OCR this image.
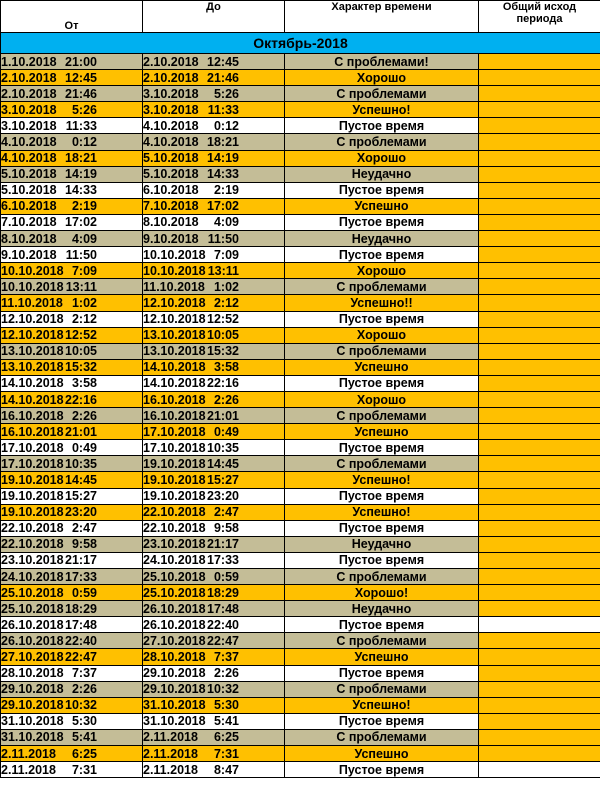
От	До	Характер времени	Общий исход периода
Октябрь-2018			
1.10.2018 21:00	2.10.2018 12:45	С проблемами!	
2.10.2018 12:45	2.10.2018 21:46	Хорошо	
2.10.2018 21:46	3.10.2018 5:26	С проблемами	
3.10.2018 5:26	3.10.2018 11:33	Успешно!	
3.10.2018 11:33	4.10.2018 0:12	Пустое время	
4.10.2018 0:12	4.10.2018 18:21	С проблемами	
4.10.2018 18:21	5.10.2018 14:19	Хорошо	
5.10.2018 14:19	5.10.2018 14:33	Неудачно	
5.10.2018 14:33	6.10.2018 2:19	Пустое время	
6.10.2018 2:19	7.10.2018 17:02	Успешно	
7.10.2018 17:02	8.10.2018 4:09	Пустое время	
8.10.2018 4:09	9.10.2018 11:50	Неудачно	
9.10.2018 11:50	10.10.2018 7:09	Пустое время	
10.10.2018 7:09	10.10.2018 13:11	Хорошо	
10.10.2018 13:11	11.10.2018 1:02	С проблемами	
11.10.2018 1:02	12.10.2018 2:12	Успешно!!	
12.10.2018 2:12	12.10.201812:52	Пустое время	
12.10.201812:52	13.10.201810:05	Хорошо	
13.10.201810:05	13.10.201815:32	С проблемами	
13.10.201815:32	14.10.2018 3:58	Успешно	
14.10.2018 3:58	14.10.201822:16	Пустое время	
14.10.201822:16	16.10.2018 2:26	Хорошо	
16.10.2018 2:26	16.10.201821:01	С проблемами	
16.10.201821:01	17.10.2018 0:49	Успешно	
17.10.2018 0:49	17.10.201810:35	Пустое время	
17.10.201810:35	19.10.201814:45	С проблемами	
19.10.201814:45	19.10.201815:27	Успешно!	
19.10.201815:27	19.10.201823:20	Пустое время	
19.10.201823:20	22.10.2018 2:47	Успешно!	
22.10.2018 2:47	22.10.2018 9:58	Пустое время	
22.10.2018 9:58	23.10.201821:17	Неудачно	
23.10.201821:17	24.10.201817:33	Пустое время	
24.10.201817:33	25.10.2018 0:59	С проблемами	
25.10.2018 0:59	25.10.201818:29	Хорошо!	
25.10.201818:29	26.10.201817:48	Неудачно	
26.10.201817:48	26.10.201822:40	Пустое время	
26.10.201822:40	27.10.201822:47	С проблемами	
27.10.201822:47	28.10.2018 7:37	Успешно	
28.10.2018 7:37	29.10.2018 2:26	Пустое время	
29.10.2018 2:26	29.10.201810:32	С проблемами	
29.10.201810:32	31.10.2018 5:30	Успешно!	
31.10.2018 5:30	31.10.2018 5:41	Пустое время	
31.10.2018 5:41	2.11.2018 6:25	С проблемами	
2.11.2018 6:25	2.11.2018 7:31	Успешно	
2.11.2018 7:31	2.11.2018 8:47	Пустое время	
